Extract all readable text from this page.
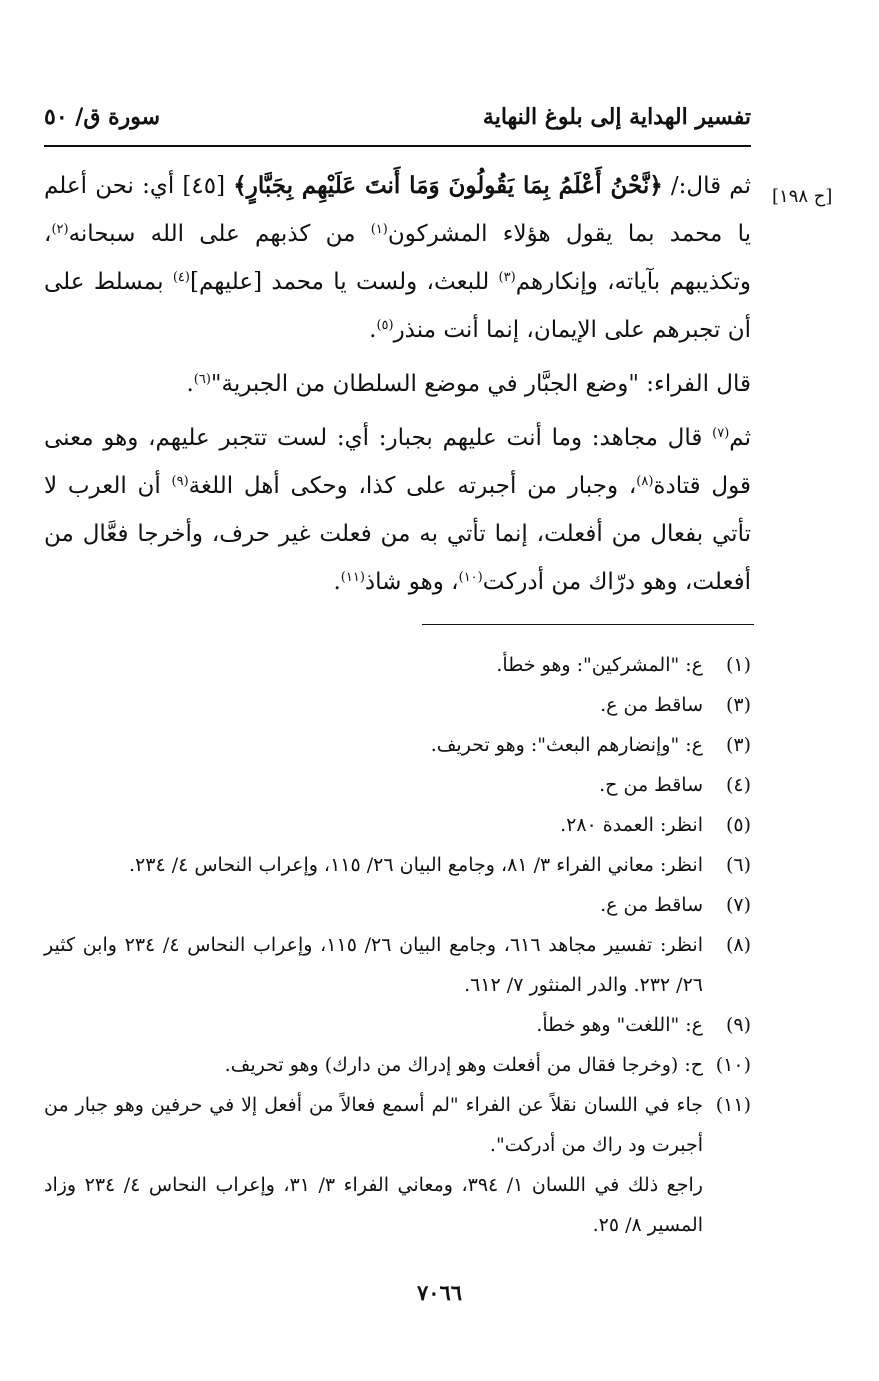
تفسير الهداية إلى بلوغ النهاية
سورة ق/ ٥٠
[ح ١٩٨]

ثم قال:/ ﴿نَّحْنُ أَعْلَمُ بِمَا يَقُولُونَ وَمَا أَنتَ عَلَيْهِم بِجَبَّارٍ﴾ [٤٥] أي: نحن أعلم يا محمد بما يقول هؤلاء المشركون$^{(١)}$ من كذبهم على الله سبحانه$^{(٢)}$، وتكذيبهم بآياته، وإنكارهم$^{(٣)}$ للبعث، ولست يا محمد [عليهم]$^{(٤)}$ بمسلط على أن تجبرهم على الإيمان، إنما أنت منذر$^{(٥)}$.

قال الفراء: "وضع الجبَّار في موضع السلطان من الجبرية"$^{(٦)}$.

ثم$^{(٧)}$ قال مجاهد: وما أنت عليهم بجبار: أي: لست تتجبر عليهم، وهو معنى قول قتادة$^{(٨)}$، وجبار من أجبرته على كذا، وحكى أهل اللغة$^{(٩)}$ أن العرب لا تأتي بفعال من أفعلت، إنما تأتي به من فعلت غير حرف، وأخرجا فعَّال من أفعلت، وهو درّاك من أدركت$^{(١٠)}$، وهو شاذ$^{(١١)}$.

(١)
ع: "المشركين": وهو خطأ.
(٣)
ساقط من ع.
(٣)
ع: "وإنضارهم البعث": وهو تحريف.
(٤)
ساقط من ح.
(٥)
انظر: العمدة ٢٨٠.
(٦)
انظر: معاني الفراء ٣/ ٨١، وجامع البيان ٢٦/ ١١٥، وإعراب النحاس ٤/ ٢٣٤.
(٧)
ساقط من ع.
(٨)
انظر: تفسير مجاهد ٦١٦، وجامع البيان ٢٦/ ١١٥، وإعراب النحاس ٤/ ٢٣٤ وابن كثير ٢٦/ ٢٣٢. والدر المنثور ٧/ ٦١٢.
(٩)
ع: "اللغت" وهو خطأ.
(١٠)
ح: (وخرجا فقال من أفعلت وهو إدراك من دارك) وهو تحريف.
(١١)
جاء في اللسان نقلاً عن الفراء "لم أسمع فعالاً من أفعل إلا في حرفين وهو جبار من أجبرت ود راك من أدركت".
راجع ذلك في اللسان ١/ ٣٩٤، ومعاني الفراء ٣/ ٣١، وإعراب النحاس ٤/ ٢٣٤ وزاد المسير ٨/ ٢٥.
٧٠٦٦
